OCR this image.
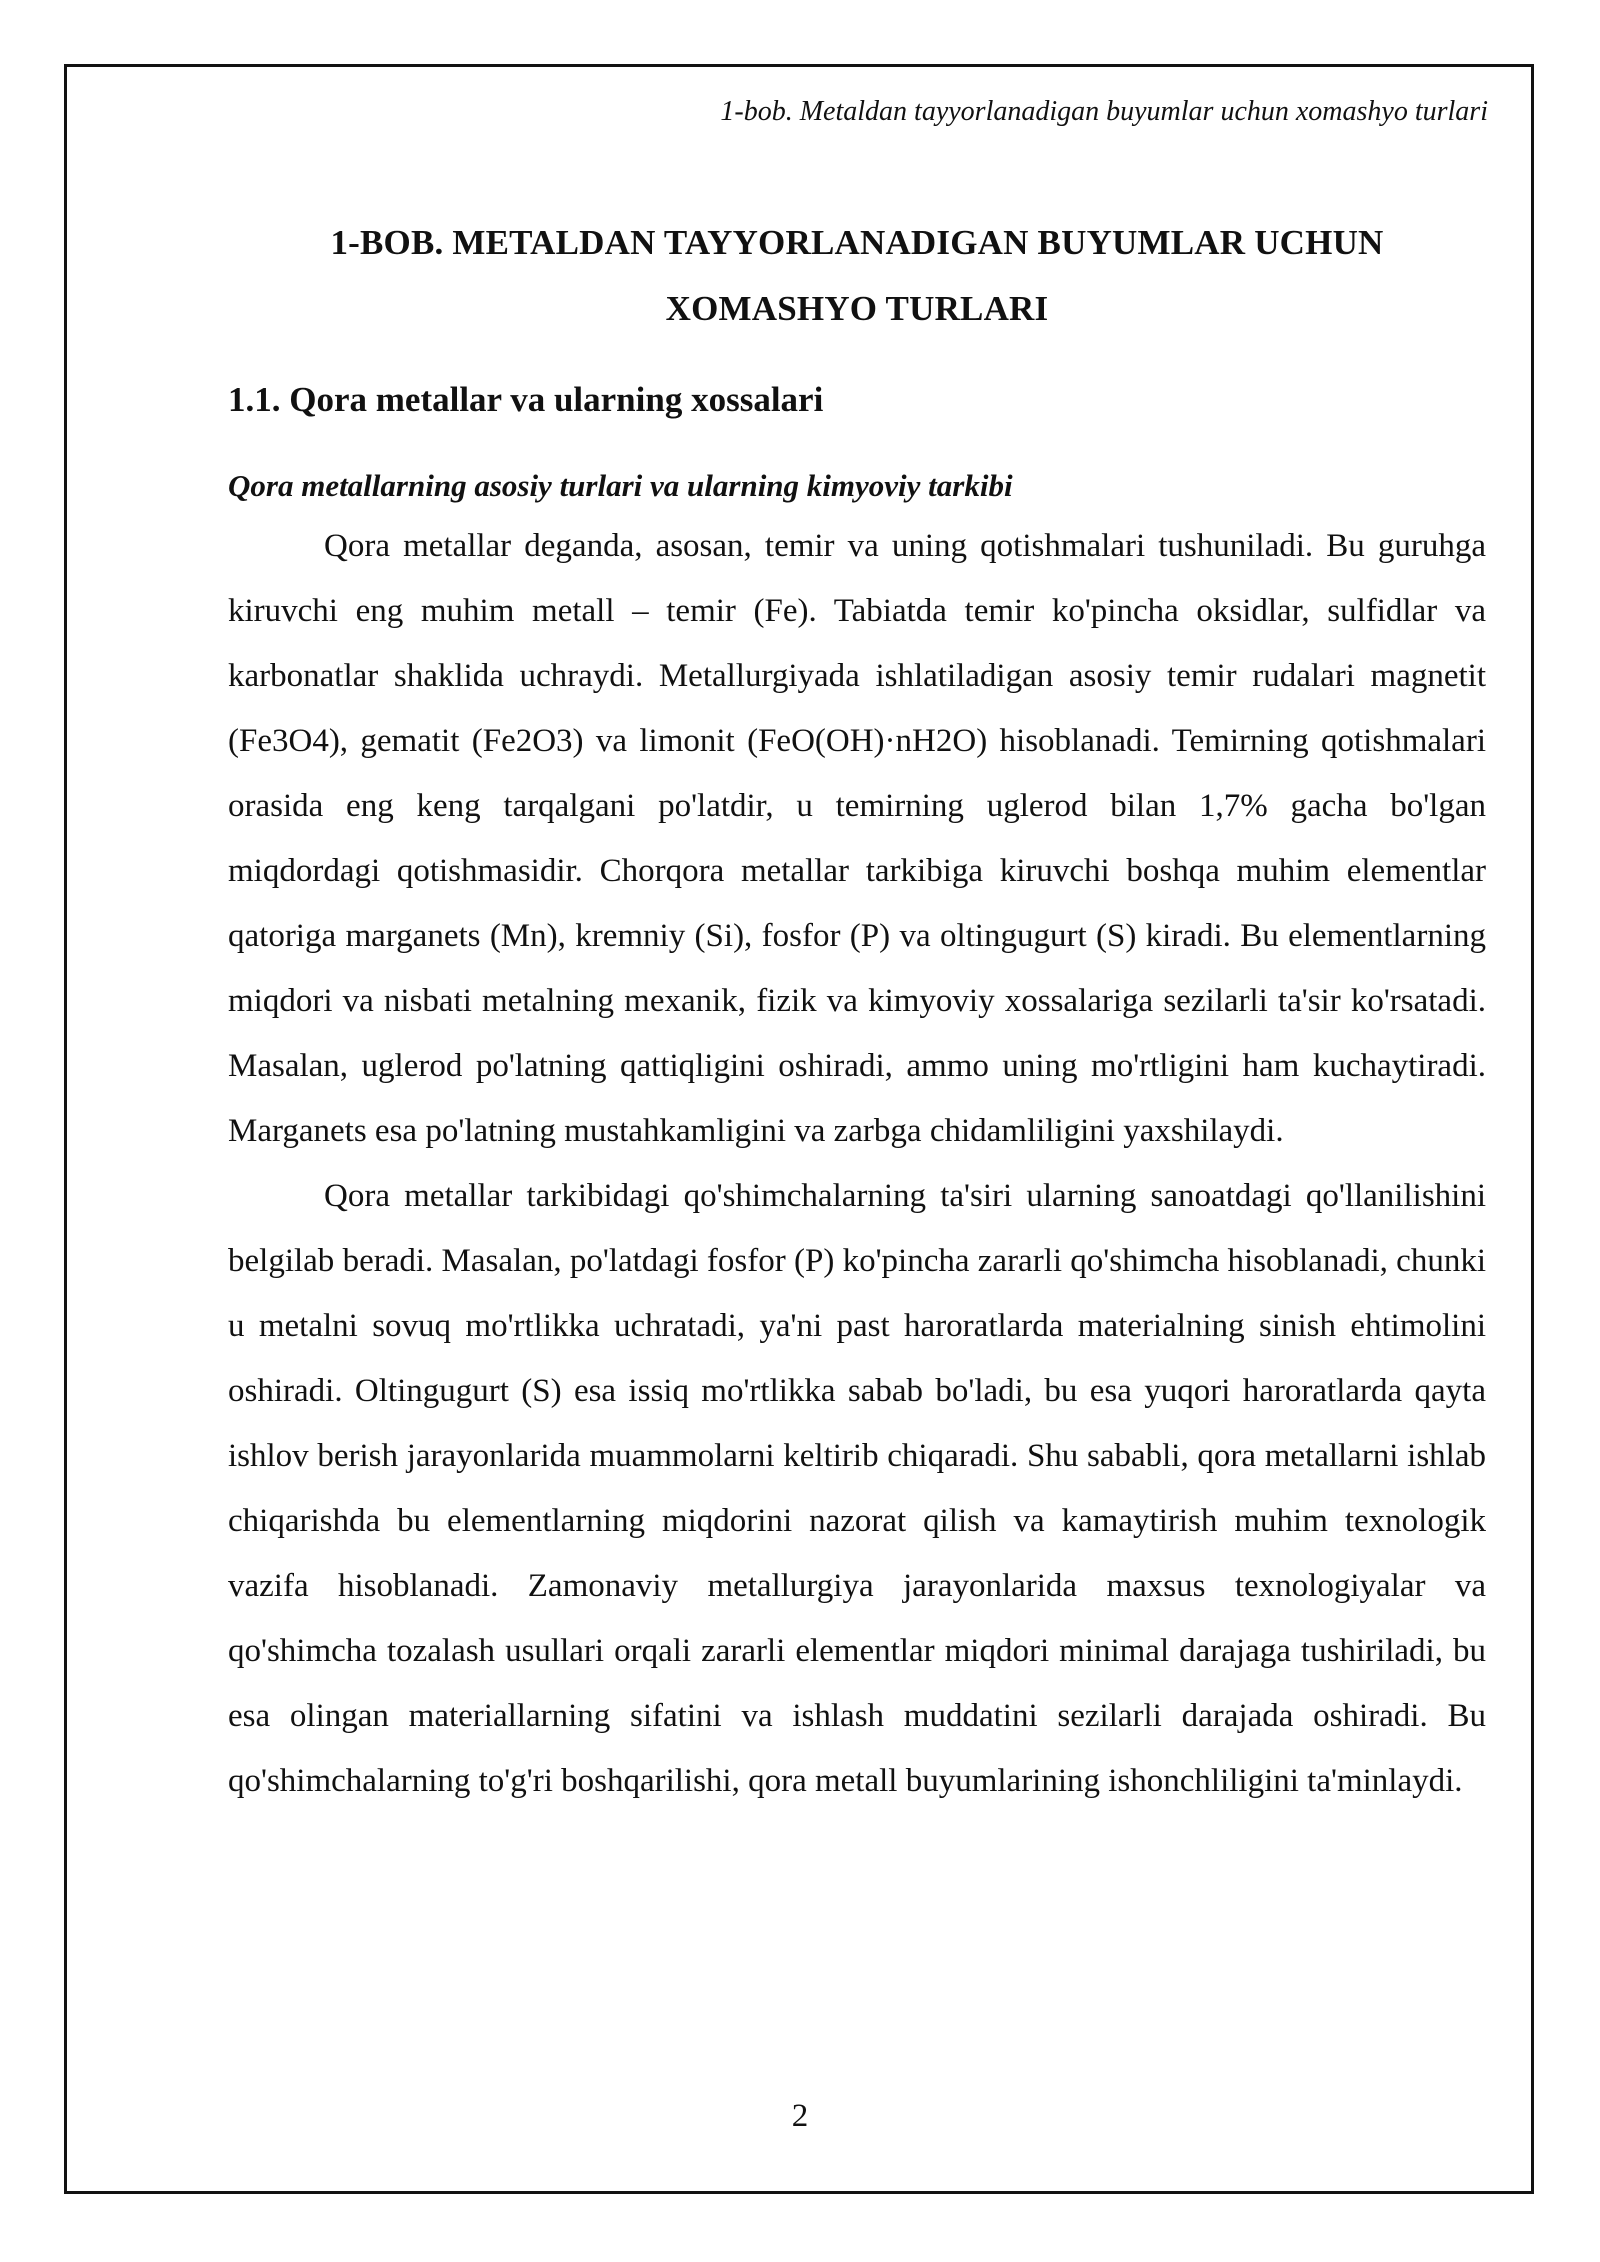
1-bob. Metaldan tayyorlanadigan buyumlar uchun xomashyo turlari
1-BOB. METALDAN TAYYORLANADIGAN BUYUMLAR UCHUN XOMASHYO TURLARI
1.1. Qora metallar va ularning xossalari
Qora metallarning asosiy turlari va ularning kimyoviy tarkibi

Qora metallar deganda, asosan, temir va uning qotishmalari tushuniladi. Bu guruhga kiruvchi eng muhim metall – temir (Fe). Tabiatda temir ko'pincha oksidlar, sulfidlar va karbonatlar shaklida uchraydi. Metallurgiyada ishlatiladigan asosiy temir rudalari magnetit (Fe3O4), gematit (Fe2O3) va limonit (FeO(OH)·nH2O) hisoblanadi. Temirning qotishmalari orasida eng keng tarqalgani po'latdir, u temirning uglerod bilan 1,7% gacha bo'lgan miqdordagi qotishmasidir. Chorqora metallar tarkibiga kiruvchi boshqa muhim elementlar qatoriga marganets (Mn), kremniy (Si), fosfor (P) va oltingugurt (S) kiradi. Bu elementlarning miqdori va nisbati metalning mexanik, fizik va kimyoviy xossalariga sezilarli ta'sir ko'rsatadi. Masalan, uglerod po'latning qattiqligini oshiradi, ammo uning mo'rtligini ham kuchaytiradi. Marganets esa po'latning mustahkamligini va zarbga chidamliligini yaxshilaydi.

Qora metallar tarkibidagi qo'shimchalarning ta'siri ularning sanoatdagi qo'llanilishini belgilab beradi. Masalan, po'latdagi fosfor (P) ko'pincha zararli qo'shimcha hisoblanadi, chunki u metalni sovuq mo'rtlikka uchratadi, ya'ni past haroratlarda materialning sinish ehtimolini oshiradi. Oltingugurt (S) esa issiq mo'rtlikka sabab bo'ladi, bu esa yuqori haroratlarda qayta ishlov berish jarayonlarida muammolarni keltirib chiqaradi. Shu sababli, qora metallarni ishlab chiqarishda bu elementlarning miqdorini nazorat qilish va kamaytirish muhim texnologik vazifa hisoblanadi. Zamonaviy metallurgiya jarayonlarida maxsus texnologiyalar va qo'shimcha tozalash usullari orqali zararli elementlar miqdori minimal darajaga tushiriladi, bu esa olingan materiallarning sifatini va ishlash muddatini sezilarli darajada oshiradi. Bu qo'shimchalarning to'g'ri boshqarilishi, qora metall buyumlarining ishonchliligini ta'minlaydi.

2
